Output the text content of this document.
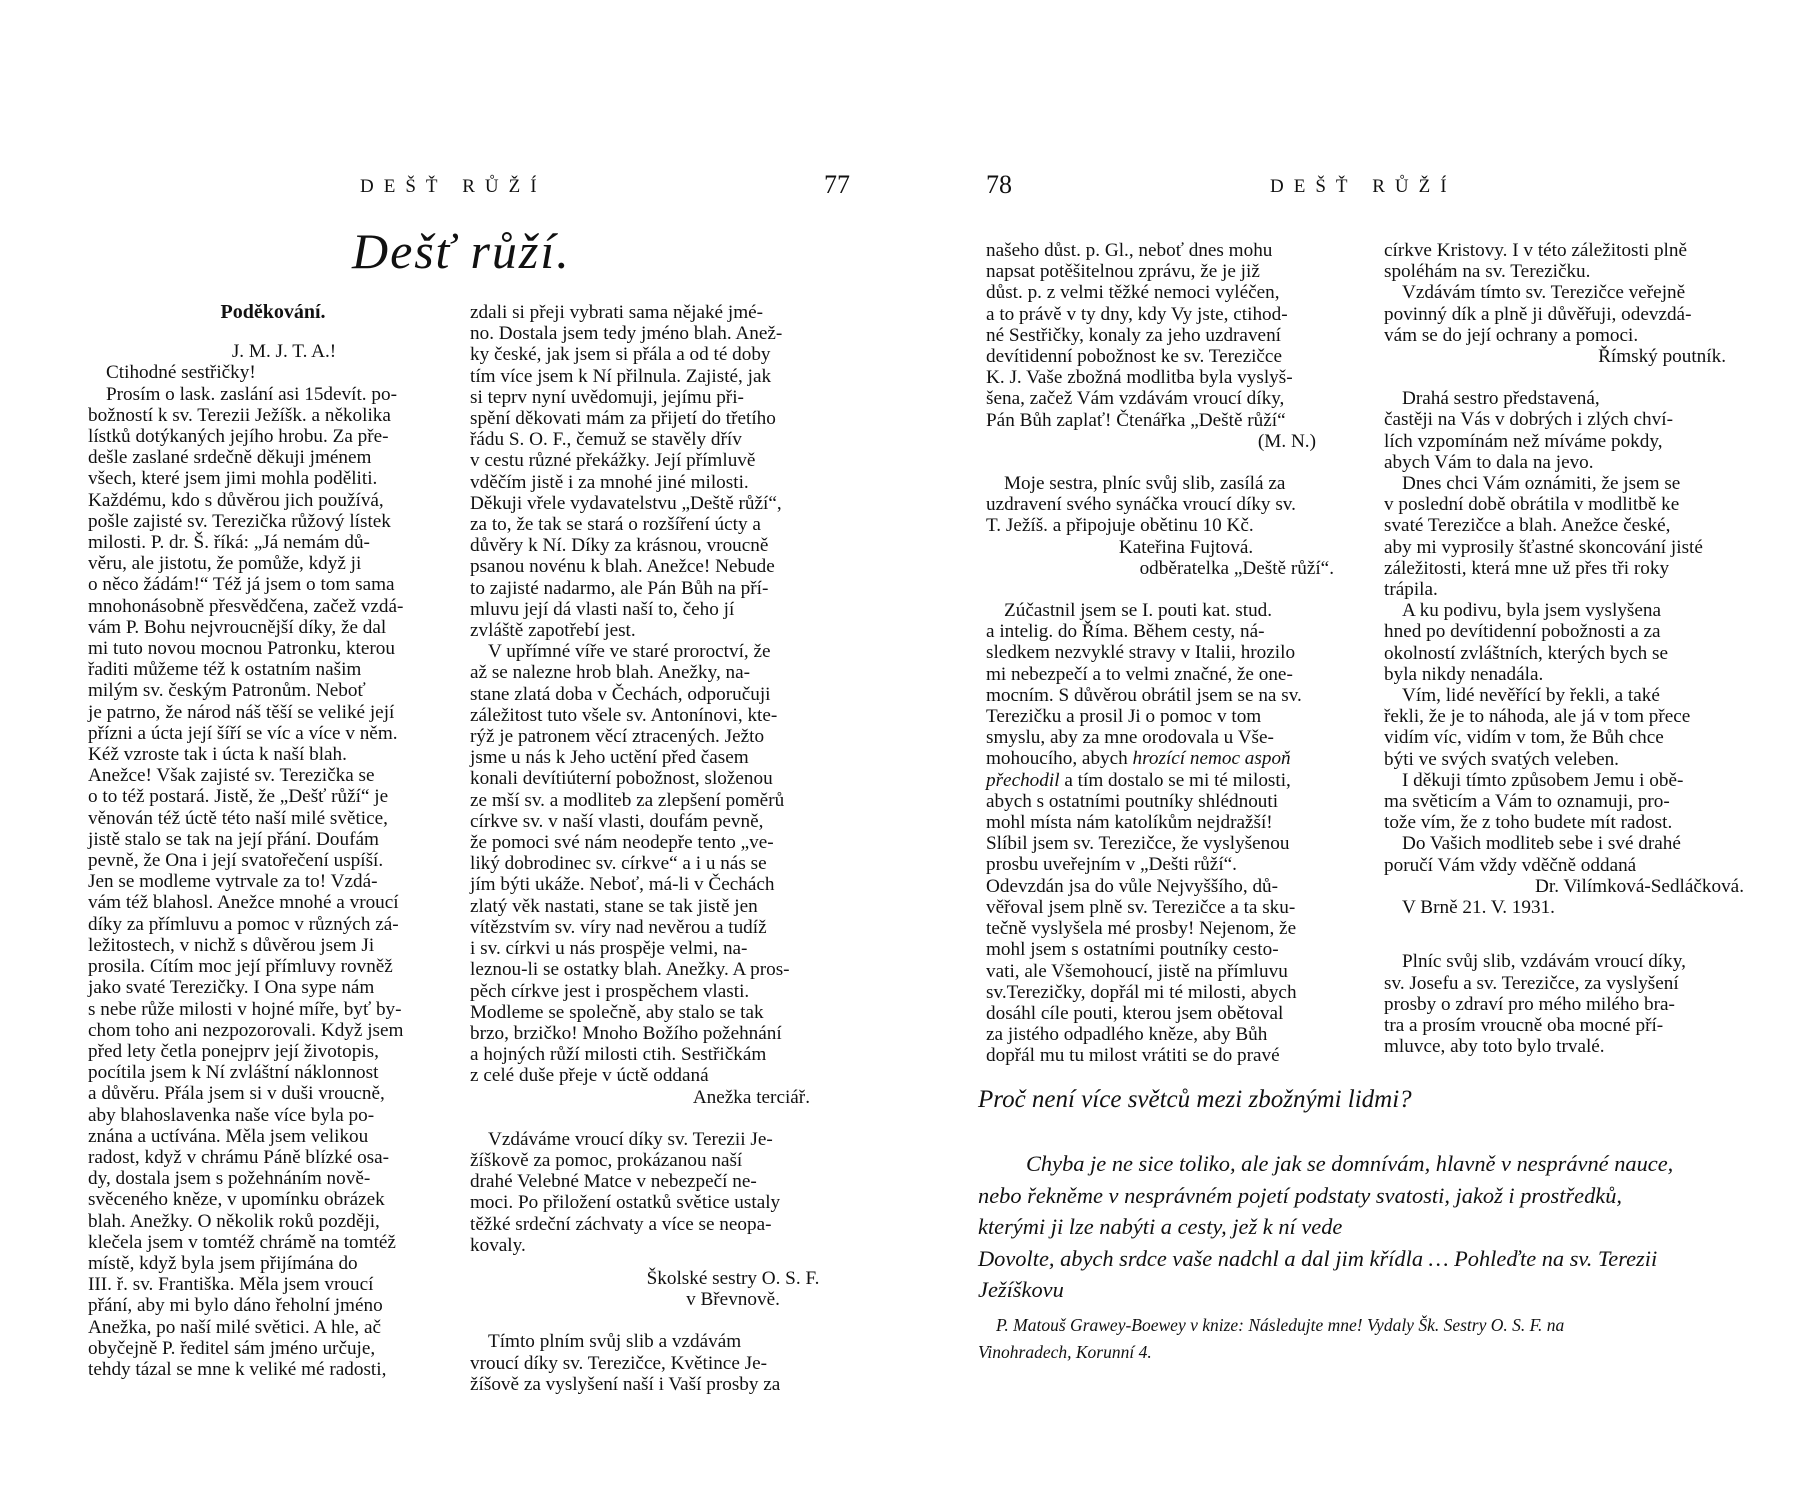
DEŠŤ RŮŽÍ	77
Dešť růží.

Poděkování.

J. M. J. T. A.!

Ctihodné sestřičky!

Prosím o lask. zaslání asi 15devít. po-
božností k sv. Terezii Ježíšk. a několika
lístků dotýkaných jejího hrobu. Za pře-
dešle zaslané srdečně děkuji jménem
všech, které jsem jimi mohla poděliti.
Každému, kdo s důvěrou jich používá,
pošle zajisté sv. Terezička růžový lístek
milosti. P. dr. Š. říká: „Já nemám dů-
věru, ale jistotu, že pomůže, když ji
o něco žádám!“ Též já jsem o tom sama
mnohonásobně přesvědčena, začež vzdá-
vám P. Bohu nejvroucnější díky, že dal
mi tuto novou mocnou Patronku, kterou
řaditi můžeme též k ostatním našim
milým sv. českým Patronům. Neboť
je patrno, že národ náš těší se veliké její
přízni a úcta její šíří se víc a více v něm.
Kéž vzroste tak i úcta k naší blah.
Anežce! Však zajisté sv. Terezička se
o to též postará. Jistě, že „Dešť růží“ je
věnován též úctě této naší milé světice,
jistě stalo se tak na její přání. Doufám
pevně, že Ona i její svatořečení uspíší.
Jen se modleme vytrvale za to! Vzdá-
vám též blahosl. Anežce mnohé a vroucí
díky za přímluvu a pomoc v různých zá-
ležitostech, v nichž s důvěrou jsem Ji
prosila. Cítím moc její přímluvy rovněž
jako svaté Terezičky. I Ona sype nám
s nebe růže milosti v hojné míře, byť by-
chom toho ani nezpozorovali. Když jsem
před lety četla ponejprv její životopis,
pocítila jsem k Ní zvláštní náklonnost
a důvěru. Přála jsem si v duši vroucně,
aby blahoslavenka naše více byla po-
znána a uctívána. Měla jsem velikou
radost, když v chrámu Páně blízké osa-
dy, dostala jsem s požehnáním nově-
svěceného kněze, v upomínku obrázek
blah. Anežky. O několik roků později,
klečela jsem v tomtéž chrámě na tomtéž
místě, když byla jsem přijímána do
III. ř. sv. Františka. Měla jsem vroucí
přání, aby mi bylo dáno řeholní jméno
Anežka, po naší milé světici. A hle, ač
obyčejně P. ředitel sám jméno určuje,
tehdy tázal se mne k veliké mé radosti,

zdali si přeji vybrati sama nějaké jmé-
no. Dostala jsem tedy jméno blah. Anež-
ky české, jak jsem si přála a od té doby
tím více jsem k Ní přilnula. Zajisté, jak
si teprv nyní uvědomuji, jejímu při-
spění děkovati mám za přijetí do třetího
řádu S. O. F., čemuž se stavěly dřív
v cestu různé překážky. Její přímluvě
vděčím jistě i za mnohé jiné milosti.
Děkuji vřele vydavatelstvu „Deště růží“,
za to, že tak se stará o rozšíření úcty a
důvěry k Ní. Díky za krásnou, vroucně
psanou novénu k blah. Anežce! Nebude
to zajisté nadarmo, ale Pán Bůh na pří-
mluvu její dá vlasti naší to, čeho jí
zvláště zapotřebí jest.

V upřímné víře ve staré proroctví, že
až se nalezne hrob blah. Anežky, na-
stane zlatá doba v Čechách, odporučuji
záležitost tuto všele sv. Antonínovi, kte-
rýž je patronem věcí ztracených. Ježto
jsme u nás k Jeho uctění před časem
konali devítiúterní pobožnost, složenou
ze mší sv. a modliteb za zlepšení poměrů
církve sv. v naší vlasti, doufám pevně,
že pomoci své nám neodepře tento „ve-
liký dobrodinec sv. církve“ a i u nás se
jím býti ukáže. Neboť, má-li v Čechách
zlatý věk nastati, stane se tak jistě jen
vítězstvím sv. víry nad nevěrou a tudíž
i sv. církvi u nás prospěje velmi, na-
leznou-li se ostatky blah. Anežky. A pros-
pěch církve jest i prospěchem vlasti.
Modleme se společně, aby stalo se tak
brzo, brzičko! Mnoho Božího požehnání
a hojných růží milosti ctih. Sestřičkám
z celé duše přeje v úctě oddaná

Anežka terciář.

Vzdáváme vroucí díky sv. Terezii Je-
žíškově za pomoc, prokázanou naší
drahé Velebné Matce v nebezpečí ne-
moci. Po přiložení ostatků světice ustaly
těžké srdeční záchvaty a více se neopa-
kovaly.

Školské sestry O. S. F.
v Břevnově.

Tímto plním svůj slib a vzdávám
vroucí díky sv. Terezičce, Květince Je-
žíšově za vyslyšení naší i Vaší prosby za

78	DEŠŤ RŮŽÍ

našeho důst. p. Gl., neboť dnes mohu
napsat potěšitelnou zprávu, že je již
důst. p. z velmi těžké nemoci vyléčen,
a to právě v ty dny, kdy Vy jste, ctihod-
né Sestřičky, konaly za jeho uzdravení
devítidenní pobožnost ke sv. Terezičce
K. J. Vaše zbožná modlitba byla vyslyš-
šena, začež Vám vzdávám vroucí díky,
Pán Bůh zaplať! Čtenářka „Deště růží“

(M. N.)

Moje sestra, plníc svůj slib, zasílá za
uzdravení svého synáčka vroucí díky sv.
T. Ježíš. a připojuje obětinu 10 Kč.

Kateřina Fujtová.

odběratelka „Deště růží“.

Zúčastnil jsem se I. pouti kat. stud.
a intelig. do Říma. Během cesty, ná-
sledkem nezvyklé stravy v Italii, hrozilo
mi nebezpečí a to velmi značné, že one-
mocním. S důvěrou obrátil jsem se na sv.
Terezičku a prosil Ji o pomoc v tom
smyslu, aby za mne orodovala u Vše-
mohoucího, abych hrozící nemoc aspoň
přechodil a tím dostalo se mi té milosti,
abych s ostatními poutníky shlédnouti
mohl místa nám katolíkům nejdražší!
Slíbil jsem sv. Terezičce, že vyslyšenou
prosbu uveřejním v „Dešti růží“.
Odevzdán jsa do vůle Nejvyššího, dů-
věřoval jsem plně sv. Terezičce a ta sku-
tečně vyslyšela mé prosby! Nejenom, že
mohl jsem s ostatními poutníky cesto-
vati, ale Všemohoucí, jistě na přímluvu
sv.Terezičky, dopřál mi té milosti, abych
dosáhl cíle pouti, kterou jsem obětoval
za jistého odpadlého kněze, aby Bůh
dopřál mu tu milost vrátiti se do pravé

církve Kristovy. I v této záležitosti plně
spoléhám na sv. Terezičku.

Vzdávám tímto sv. Terezičce veřejně
povinný dík a plně ji důvěřuji, odevzdá-
vám se do její ochrany a pomoci.

Římský poutník.

Drahá sestro představená,
častěji na Vás v dobrých i zlých chví-
lích vzpomínám než míváme pokdy,
abych Vám to dala na jevo.

Dnes chci Vám oznámiti, že jsem se
v poslední době obrátila v modlitbě ke
svaté Terezičce a blah. Anežce české,
aby mi vyprosily šťastné skoncování jisté
záležitosti, která mne už přes tři roky
trápila.

A ku podivu, byla jsem vyslyšena
hned po devítidenní pobožnosti a za
okolností zvláštních, kterých bych se
byla nikdy nenadála.

Vím, lidé nevěřící by řekli, a také
řekli, že je to náhoda, ale já v tom přece
vidím víc, vidím v tom, že Bůh chce
býti ve svých svatých veleben.

I děkuji tímto způsobem Jemu i obě-
ma světicím a Vám to oznamuji, pro-
tože vím, že z toho budete mít radost.

Do Vašich modliteb sebe i své drahé
poručí Vám vždy vděčně oddaná

Dr. Vilímková-Sedláčková.

V Brně 21. V. 1931.

Plníc svůj slib, vzdávám vroucí díky,
sv. Josefu a sv. Terezičce, za vyslyšení
prosby o zdraví pro mého milého bra-
tra a prosím vroucně oba mocné pří-
mluvce, aby toto bylo trvalé.

Proč není více světců mezi zbožnými lidmi?

Chyba je ne sice toliko, ale jak se domnívám, hlavně v nesprávné nauce,
nebo řekněme v nesprávném pojetí podstaty svatosti, jakož i prostředků,
kterými ji lze nabýti a cesty, jež k ní vede

Dovolte, abych srdce vaše nadchl a dal jim křídla … Pohleďte na sv. Terezii
Ježíškovu

P. Matouš Grawey-Boewey v knize: Následujte mne! Vydaly Šk. Sestry O. S. F. na
Vinohradech, Korunní 4.
